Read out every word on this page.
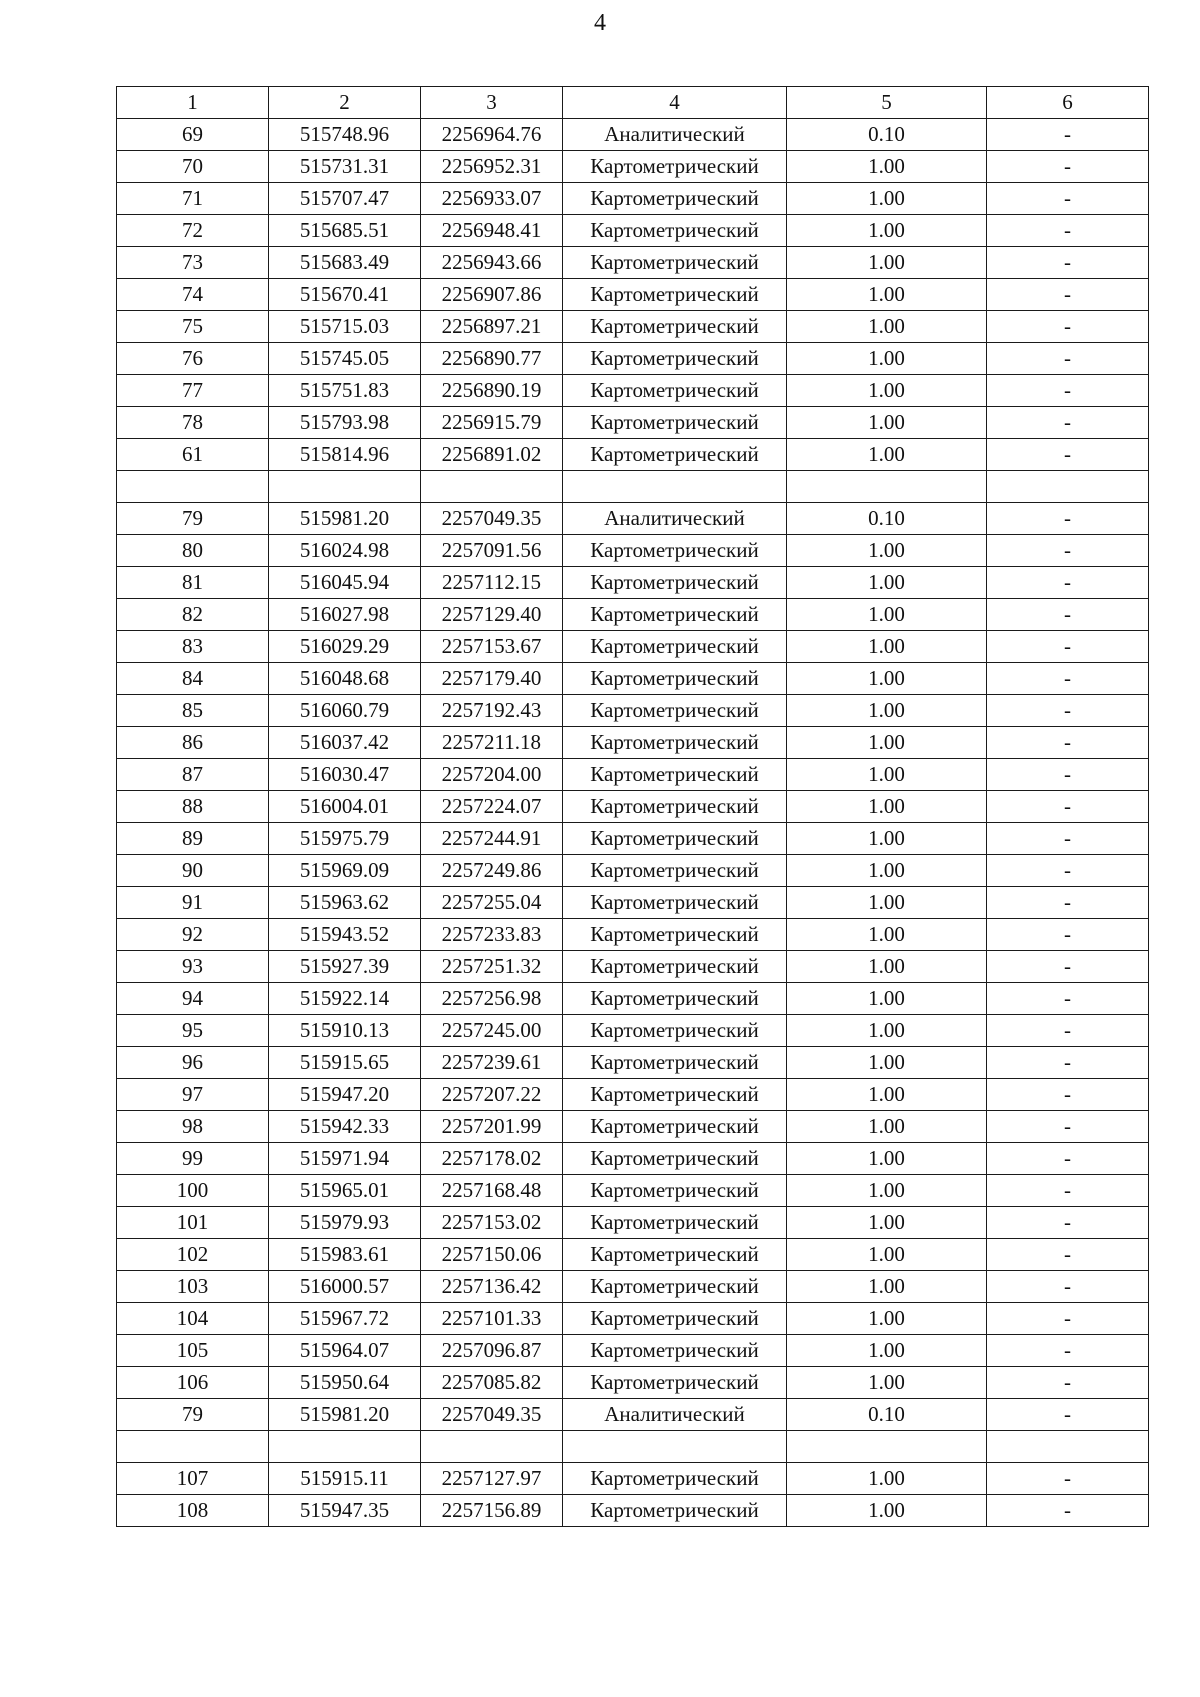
4
1	2	3	4	5	6
69	515748.96	2256964.76	Аналитический	0.10	-
70	515731.31	2256952.31	Картометрический	1.00	-
71	515707.47	2256933.07	Картометрический	1.00	-
72	515685.51	2256948.41	Картометрический	1.00	-
73	515683.49	2256943.66	Картометрический	1.00	-
74	515670.41	2256907.86	Картометрический	1.00	-
75	515715.03	2256897.21	Картометрический	1.00	-
76	515745.05	2256890.77	Картометрический	1.00	-
77	515751.83	2256890.19	Картометрический	1.00	-
78	515793.98	2256915.79	Картометрический	1.00	-
61	515814.96	2256891.02	Картометрический	1.00	-

79	515981.20	2257049.35	Аналитический	0.10	-
80	516024.98	2257091.56	Картометрический	1.00	-
81	516045.94	2257112.15	Картометрический	1.00	-
82	516027.98	2257129.40	Картометрический	1.00	-
83	516029.29	2257153.67	Картометрический	1.00	-
84	516048.68	2257179.40	Картометрический	1.00	-
85	516060.79	2257192.43	Картометрический	1.00	-
86	516037.42	2257211.18	Картометрический	1.00	-
87	516030.47	2257204.00	Картометрический	1.00	-
88	516004.01	2257224.07	Картометрический	1.00	-
89	515975.79	2257244.91	Картометрический	1.00	-
90	515969.09	2257249.86	Картометрический	1.00	-
91	515963.62	2257255.04	Картометрический	1.00	-
92	515943.52	2257233.83	Картометрический	1.00	-
93	515927.39	2257251.32	Картометрический	1.00	-
94	515922.14	2257256.98	Картометрический	1.00	-
95	515910.13	2257245.00	Картометрический	1.00	-
96	515915.65	2257239.61	Картометрический	1.00	-
97	515947.20	2257207.22	Картометрический	1.00	-
98	515942.33	2257201.99	Картометрический	1.00	-
99	515971.94	2257178.02	Картометрический	1.00	-
100	515965.01	2257168.48	Картометрический	1.00	-
101	515979.93	2257153.02	Картометрический	1.00	-
102	515983.61	2257150.06	Картометрический	1.00	-
103	516000.57	2257136.42	Картометрический	1.00	-
104	515967.72	2257101.33	Картометрический	1.00	-
105	515964.07	2257096.87	Картометрический	1.00	-
106	515950.64	2257085.82	Картометрический	1.00	-
79	515981.20	2257049.35	Аналитический	0.10	-

107	515915.11	2257127.97	Картометрический	1.00	-
108	515947.35	2257156.89	Картометрический	1.00	-
